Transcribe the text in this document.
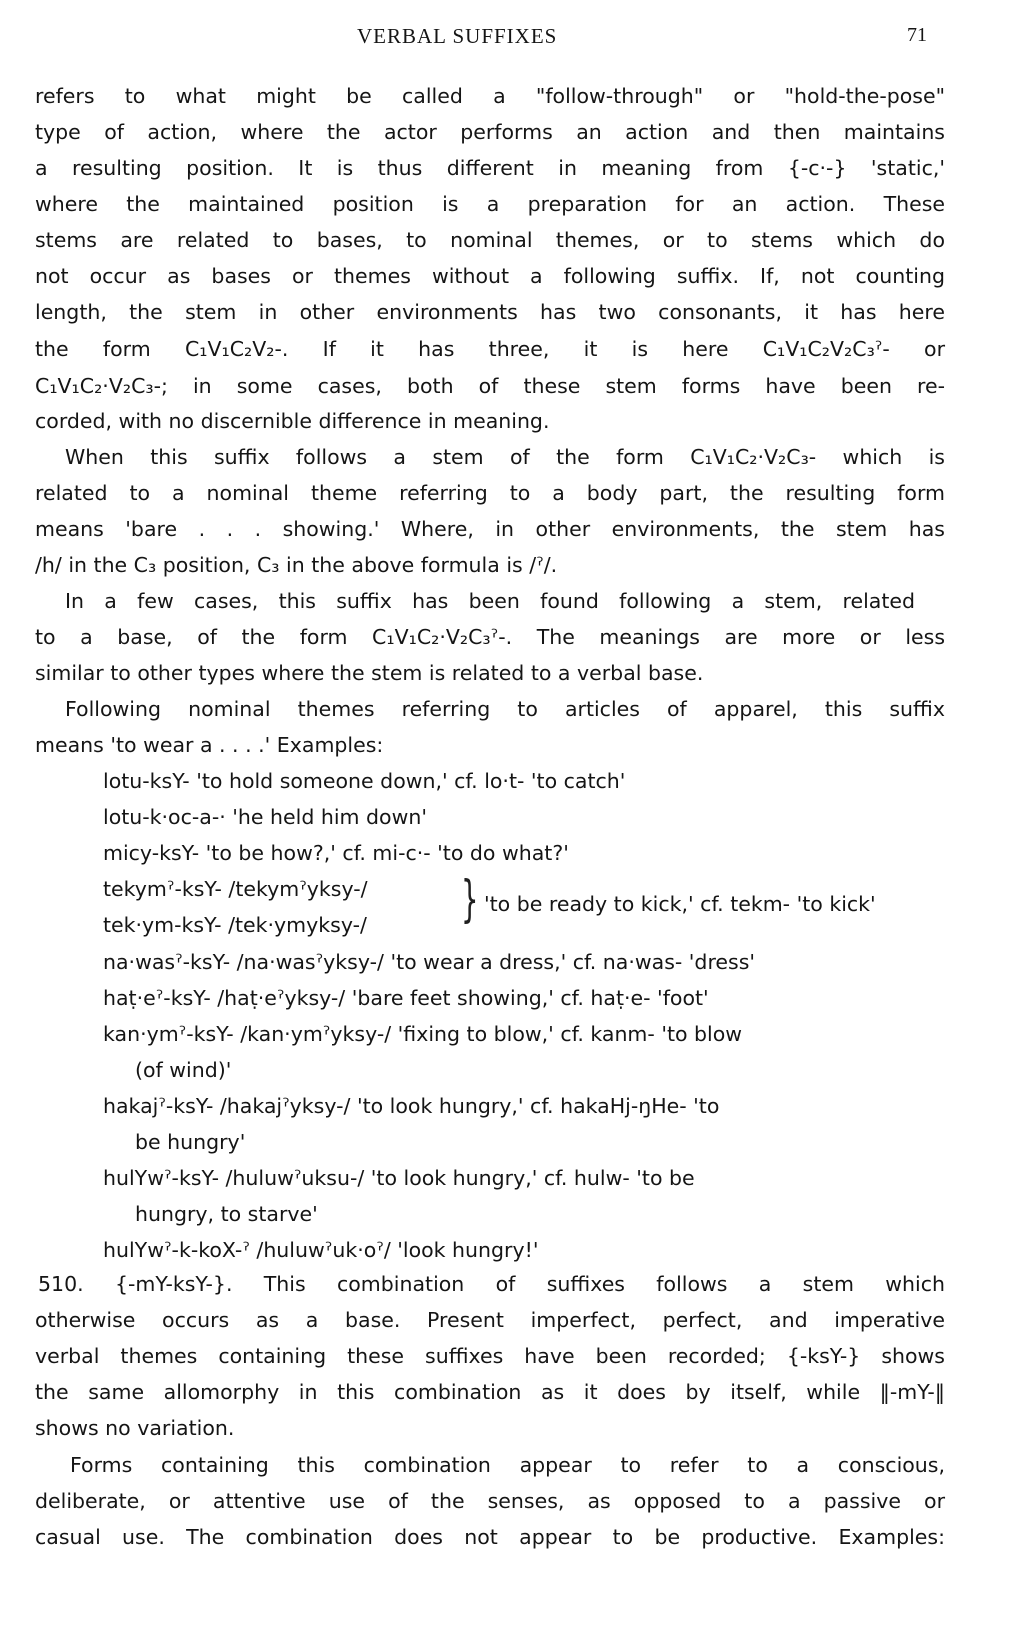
VERBAL SUFFIXES	71
refers to what might be called a "follow-through" or "hold-the-pose"
type of action, where the actor performs an action and then maintains
a resulting position. It is thus different in meaning from {-c·-} 'static,'
where the maintained position is a preparation for an action. These
stems are related to bases, to nominal themes, or to stems which do
not occur as bases or themes without a following suffix. If, not counting
length, the stem in other environments has two consonants, it has here
the form C₁V₁C₂V₂-. If it has three, it is here C₁V₁C₂V₂C₃ˀ- or
C₁V₁C₂·V₂C₃-; in some cases, both of these stem forms have been re-
corded, with no discernible difference in meaning.
When this suffix follows a stem of the form C₁V₁C₂·V₂C₃- which is
related to a nominal theme referring to a body part, the resulting form
means 'bare . . . showing.' Where, in other environments, the stem has
/h/ in the C₃ position, C₃ in the above formula is /ˀ/.
In a few cases, this suffix has been found following a stem, related
to a base, of the form C₁V₁C₂·V₂C₃ˀ-. The meanings are more or less
similar to other types where the stem is related to a verbal base.
Following nominal themes referring to articles of apparel, this suffix
means 'to wear a . . . .' Examples:
lotu-ksY- 'to hold someone down,' cf. lo·t- 'to catch'
lotu-k·oc-a-· 'he held him down'
micy-ksY- 'to be how?,' cf. mi-c·- 'to do what?'
tekymˀ-ksY- /tekymˀyksy-/
tek·ym-ksY- /tek·ymyksy-/ } 'to be ready to kick,' cf. tekm- 'to kick'
na·wasˀ-ksY- /na·wasˀyksy-/ 'to wear a dress,' cf. na·was- 'dress'
haṭ·eˀ-ksY- /haṭ·eˀyksy-/ 'bare feet showing,' cf. haṭ·e- 'foot'
kan·ymˀ-ksY- /kan·ymˀyksy-/ 'fixing to blow,' cf. kanm- 'to blow
(of wind)'
hakajˀ-ksY- /hakajˀyksy-/ 'to look hungry,' cf. hakaHj-ŋHe- 'to
be hungry'
hulYwˀ-ksY- /huluwˀuksu-/ 'to look hungry,' cf. hulw- 'to be
hungry, to starve'
hulYwˀ-k-koX-ˀ /huluwˀuk·oˀ/ 'look hungry!'
510. {-mY-ksY-}. This combination of suffixes follows a stem which
otherwise occurs as a base. Present imperfect, perfect, and imperative
verbal themes containing these suffixes have been recorded; {-ksY-} shows
the same allomorphy in this combination as it does by itself, while ‖-mY-‖
shows no variation.
Forms containing this combination appear to refer to a conscious,
deliberate, or attentive use of the senses, as opposed to a passive or
casual use. The combination does not appear to be productive. Examples:
